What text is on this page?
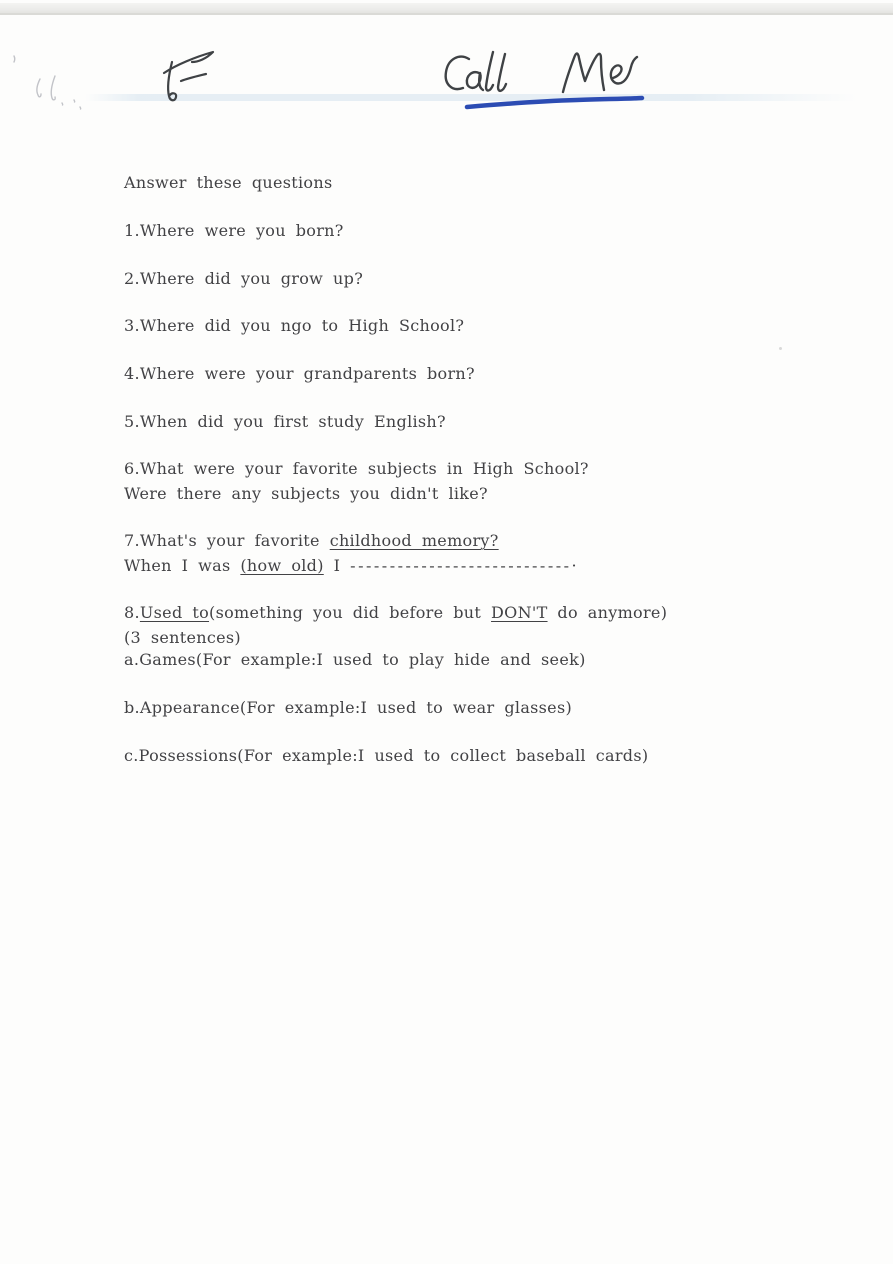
Answer these questions

1.Where were you born?

2.Where did you grow up?

3.Where did you ngo to High School?

4.Where were your grandparents born?

5.When did you first study English?

6.What were your favorite subjects in High School?

Were there any subjects you didn't like?

7.What's your favorite childhood memory?

When I was (how old) I ----------------------------·

8.Used to(something you did before but DON'T do anymore)

(3 sentences)

a.Games(For example:I used to play hide and seek)

b.Appearance(For example:I used to wear glasses)

c.Possessions(For example:I used to collect baseball cards)
